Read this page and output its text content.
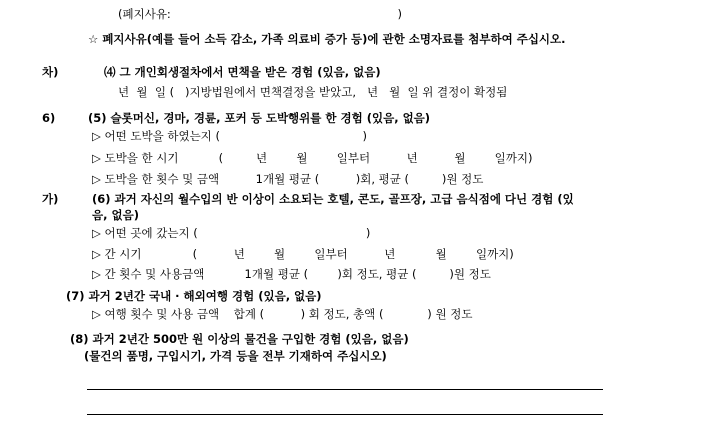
(폐지사유:                                                              )
☆ 폐지사유(예를 들어 소득 감소, 가족 의료비 증가 등)에 관한 소명자료를 첨부하여 주십시오.
차)	⑷ 그 개인회생절차에서 면책을 받은 경험 (있음, 없음)
년  월  일 (   )지방법원에서 면책결정을 받았고,   년   월  일 위 결정이 확정됨
6)	(5) 슬롯머신, 경마, 경륜, 포커 등 도박행위를 한 경험 (있음, 없음)
▷ 어떤 도박을 하였는지 (                                       )
▷ 도박을 한 시기           (         년        월        일부터          년          월        일까지)
▷ 도박을 한 횟수 및 금액          1개월 평균 (          )회, 평균 (         )원 정도
가)	(6) 과거 자신의 월수입의 반 이상이 소요되는 호텔, 콘도, 골프장, 고급 음식점에 다닌 경험 (있
음, 없음)
▷ 어떤 곳에 갔는지 (                                              )
▷ 간 시기              (          년        월        일부터          년           월        일까지)
▷ 간 횟수 및 사용금액           1개월 평균 (        )회 정도, 평균 (         )원 정도
(7) 과거 2년간 국내 · 해외여행 경험 (있음, 없음)
▷ 여행 횟수 및 사용 금액    합계 (          ) 회 정도, 총액 (            ) 원 정도
(8) 과거 2년간 500만 원 이상의 물건을 구입한 경험 (있음, 없음)
(물건의 품명, 구입시기, 가격 등을 전부 기재하여 주십시오)
